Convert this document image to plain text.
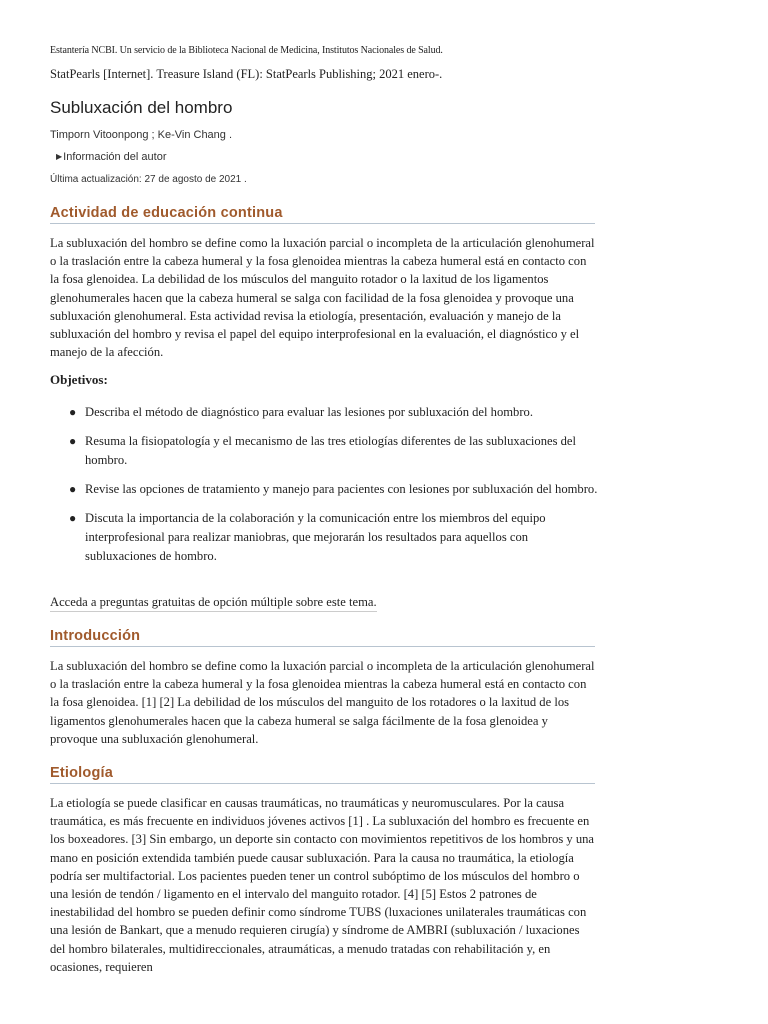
Estantería NCBI. Un servicio de la Biblioteca Nacional de Medicina, Institutos Nacionales de Salud.
StatPearls [Internet]. Treasure Island (FL): StatPearls Publishing; 2021 enero-.
Subluxación del hombro
Timporn Vitoonpong ; Ke-Vin Chang .
▶Información del autor
Última actualización: 27 de agosto de 2021 .
Actividad de educación continua

La subluxación del hombro se define como la luxación parcial o incompleta de la articulación glenohumeral o la traslación entre la cabeza humeral y la fosa glenoidea mientras la cabeza humeral está en contacto con la fosa glenoidea. La debilidad de los músculos del manguito rotador o la laxitud de los ligamentos glenohumerales hacen que la cabeza humeral se salga con facilidad de la fosa glenoidea y provoque una subluxación glenohumeral. Esta actividad revisa la etiología, presentación, evaluación y manejo de la subluxación del hombro y revisa el papel del equipo interprofesional en la evaluación, el diagnóstico y el manejo de la afección.

Objetivos:
● Describa el método de diagnóstico para evaluar las lesiones por subluxación del hombro.
● Resuma la fisiopatología y el mecanismo de las tres etiologías diferentes de las subluxaciones del hombro.
● Revise las opciones de tratamiento y manejo para pacientes con lesiones por subluxación del hombro.
● Discuta la importancia de la colaboración y la comunicación entre los miembros del equipo interprofesional para realizar maniobras, que mejorarán los resultados para aquellos con subluxaciones de hombro.
Acceda a preguntas gratuitas de opción múltiple sobre este tema.
Introducción

La subluxación del hombro se define como la luxación parcial o incompleta de la articulación glenohumeral o la traslación entre la cabeza humeral y la fosa glenoidea mientras la cabeza humeral está en contacto con la fosa glenoidea. [1] [2] La debilidad de los músculos del manguito de los rotadores o la laxitud de los ligamentos glenohumerales hacen que la cabeza humeral se salga fácilmente de la fosa glenoidea y provoque una subluxación glenohumeral.

Etiología

La etiología se puede clasificar en causas traumáticas, no traumáticas y neuromusculares. Por la causa traumática, es más frecuente en individuos jóvenes activos [1] . La subluxación del hombro es frecuente en los boxeadores. [3] Sin embargo, un deporte sin contacto con movimientos repetitivos de los hombros y una mano en posición extendida también puede causar subluxación. Para la causa no traumática, la etiología podría ser multifactorial. Los pacientes pueden tener un control subóptimo de los músculos del hombro o una lesión de tendón / ligamento en el intervalo del manguito rotador. [4] [5] Estos 2 patrones de inestabilidad del hombro se pueden definir como síndrome TUBS (luxaciones unilaterales traumáticas con una lesión de Bankart, que a menudo requieren cirugía) y síndrome de AMBRI (subluxación / luxaciones del hombro bilaterales, multidireccionales, atraumáticas, a menudo tratadas con rehabilitación y, en ocasiones, requieren
